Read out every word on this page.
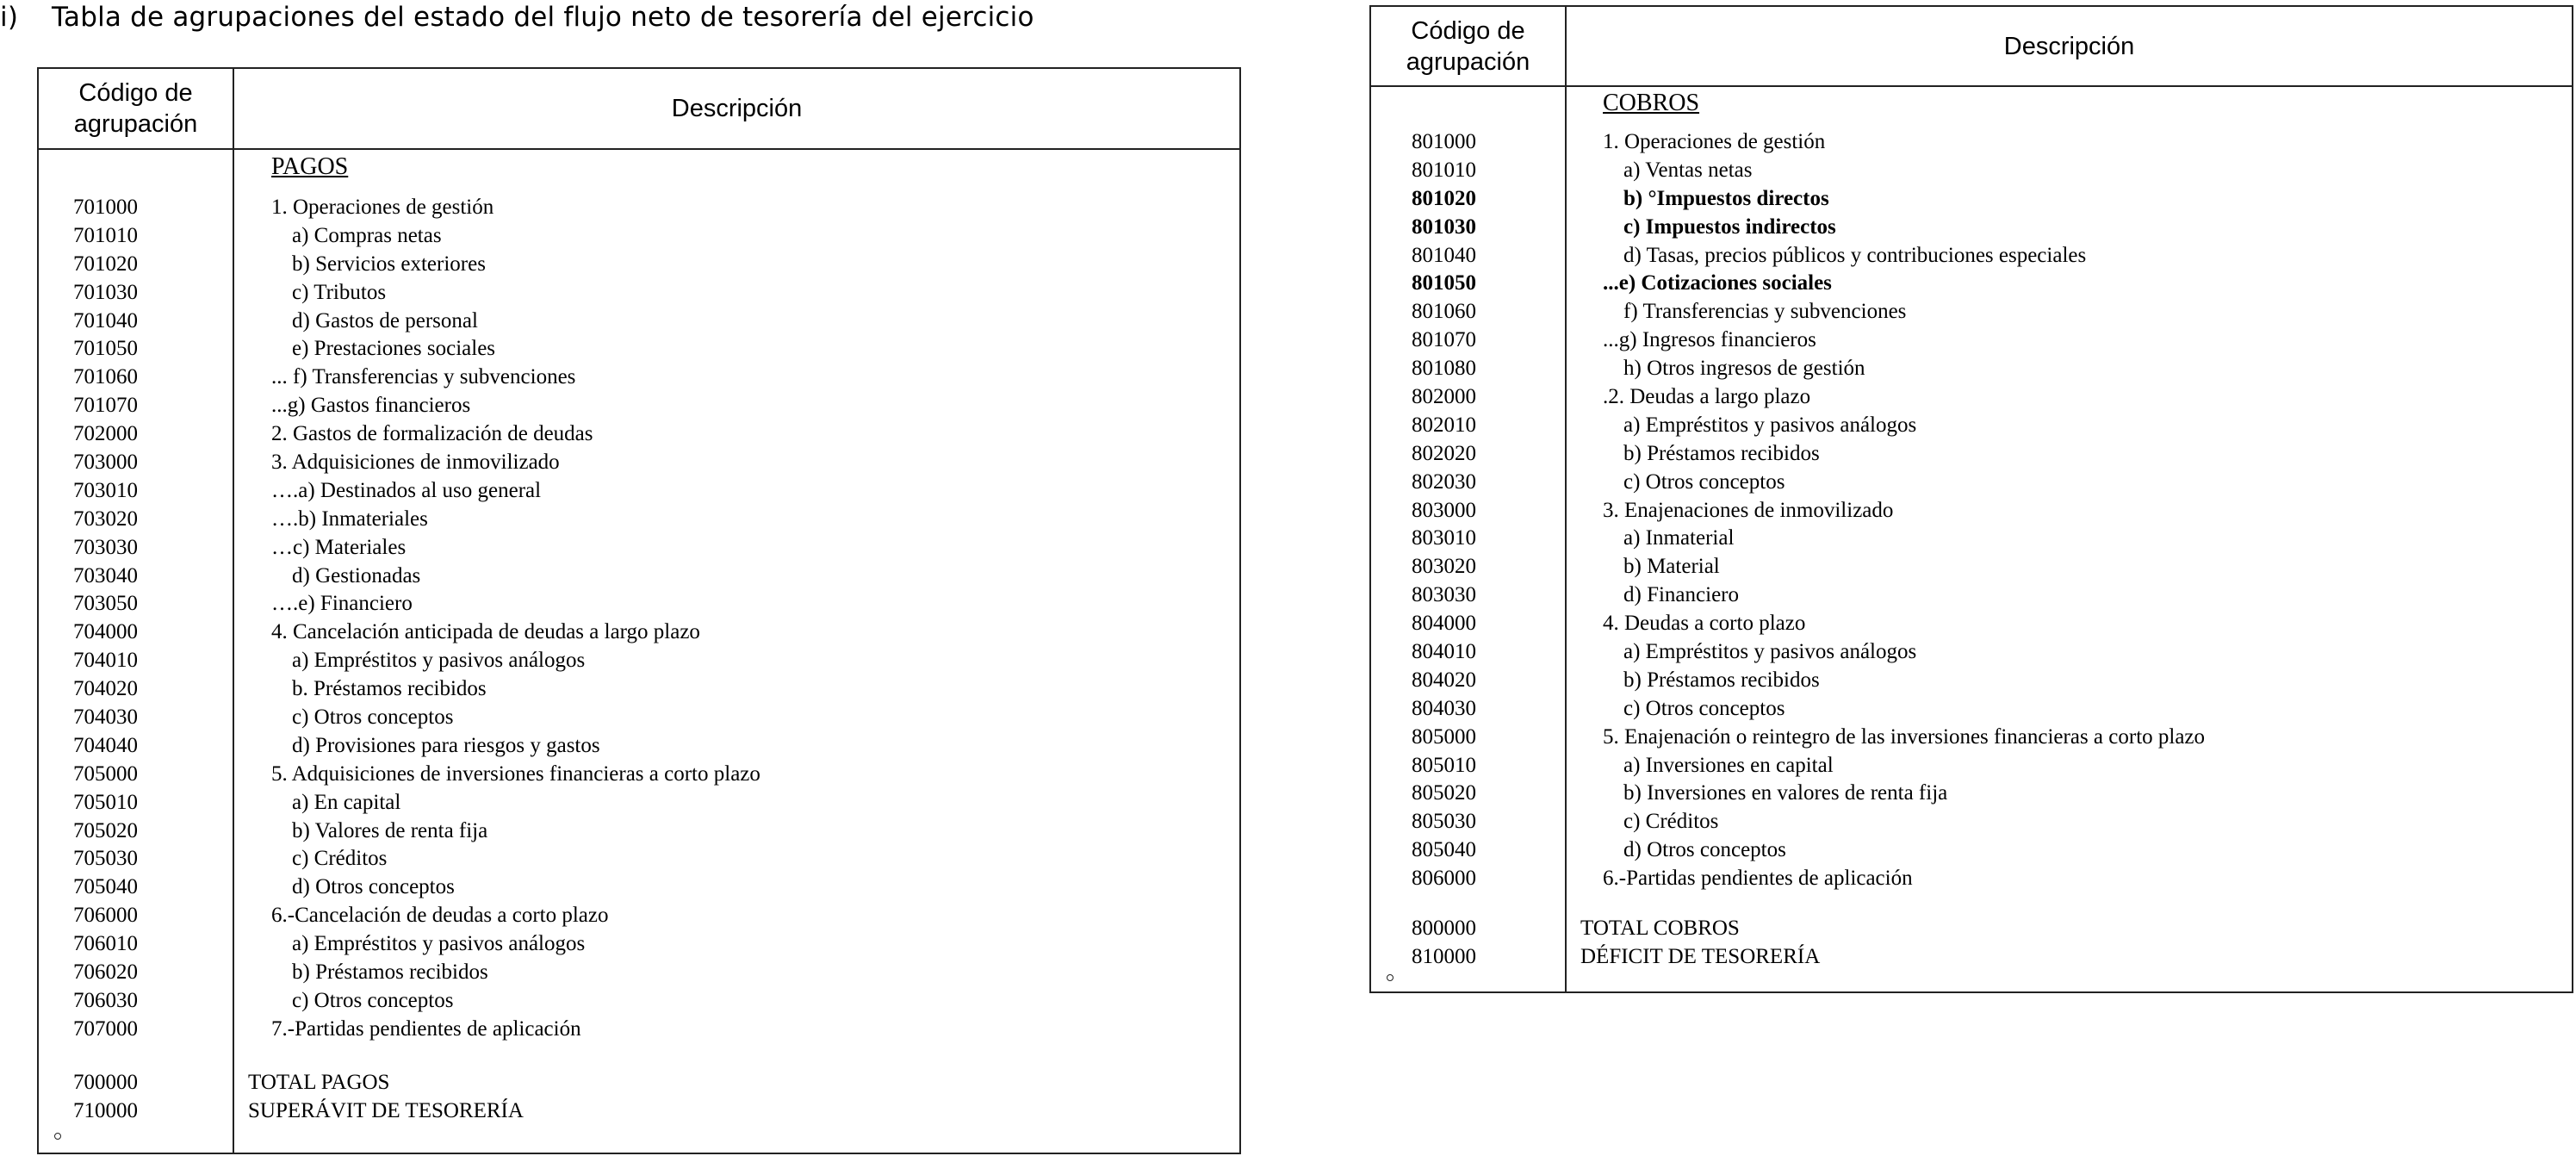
i) Tabla de agrupaciones del estado del flujo neto de tesorería del ejercicio
Código de agrupación
Descripción
PAGOS
701000	1. Operaciones de gestión
701010	a) Compras netas
701020	b) Servicios exteriores
701030	c) Tributos
701040	d) Gastos de personal
701050	e) Prestaciones sociales
701060	... f) Transferencias y subvenciones
701070	...g) Gastos financieros
702000	2. Gastos de formalización de deudas
703000	3. Adquisiciones de inmovilizado
703010	….a) Destinados al uso general
703020	….b) Inmateriales
703030	…c) Materiales
703040	d) Gestionadas
703050	….e) Financiero
704000	4. Cancelación anticipada de deudas a largo plazo
704010	a) Empréstitos y pasivos análogos
704020	b. Préstamos recibidos
704030	c) Otros conceptos
704040	d) Provisiones para riesgos y gastos
705000	5. Adquisiciones de inversiones financieras a corto plazo
705010	a) En capital
705020	b) Valores de renta fija
705030	c) Créditos
705040	d) Otros conceptos
706000	6.-Cancelación de deudas a corto plazo
706010	a) Empréstitos y pasivos análogos
706020	b) Préstamos recibidos
706030	c) Otros conceptos
707000	7.-Partidas pendientes de aplicación
700000	TOTAL PAGOS
710000	SUPERÁVIT DE TESORERÍA
Código de agrupación
Descripción
COBROS
801000	1. Operaciones de gestión
801010	a) Ventas netas
801020	b) °Impuestos directos
801030	c) Impuestos indirectos
801040	d) Tasas, precios públicos y contribuciones especiales
801050	...e) Cotizaciones sociales
801060	f) Transferencias y subvenciones
801070	...g) Ingresos financieros
801080	h) Otros ingresos de gestión
802000	.2. Deudas a largo plazo
802010	a) Empréstitos y pasivos análogos
802020	b) Préstamos recibidos
802030	c) Otros conceptos
803000	3. Enajenaciones de inmovilizado
803010	a) Inmaterial
803020	b) Material
803030	d) Financiero
804000	4. Deudas a corto plazo
804010	a) Empréstitos y pasivos análogos
804020	b) Préstamos recibidos
804030	c) Otros conceptos
805000	5. Enajenación o reintegro de las inversiones financieras a corto plazo
805010	a) Inversiones en capital
805020	b) Inversiones en valores de renta fija
805030	c) Créditos
805040	d) Otros conceptos
806000	6.-Partidas pendientes de aplicación
800000	TOTAL COBROS
810000	DÉFICIT DE TESORERÍA
